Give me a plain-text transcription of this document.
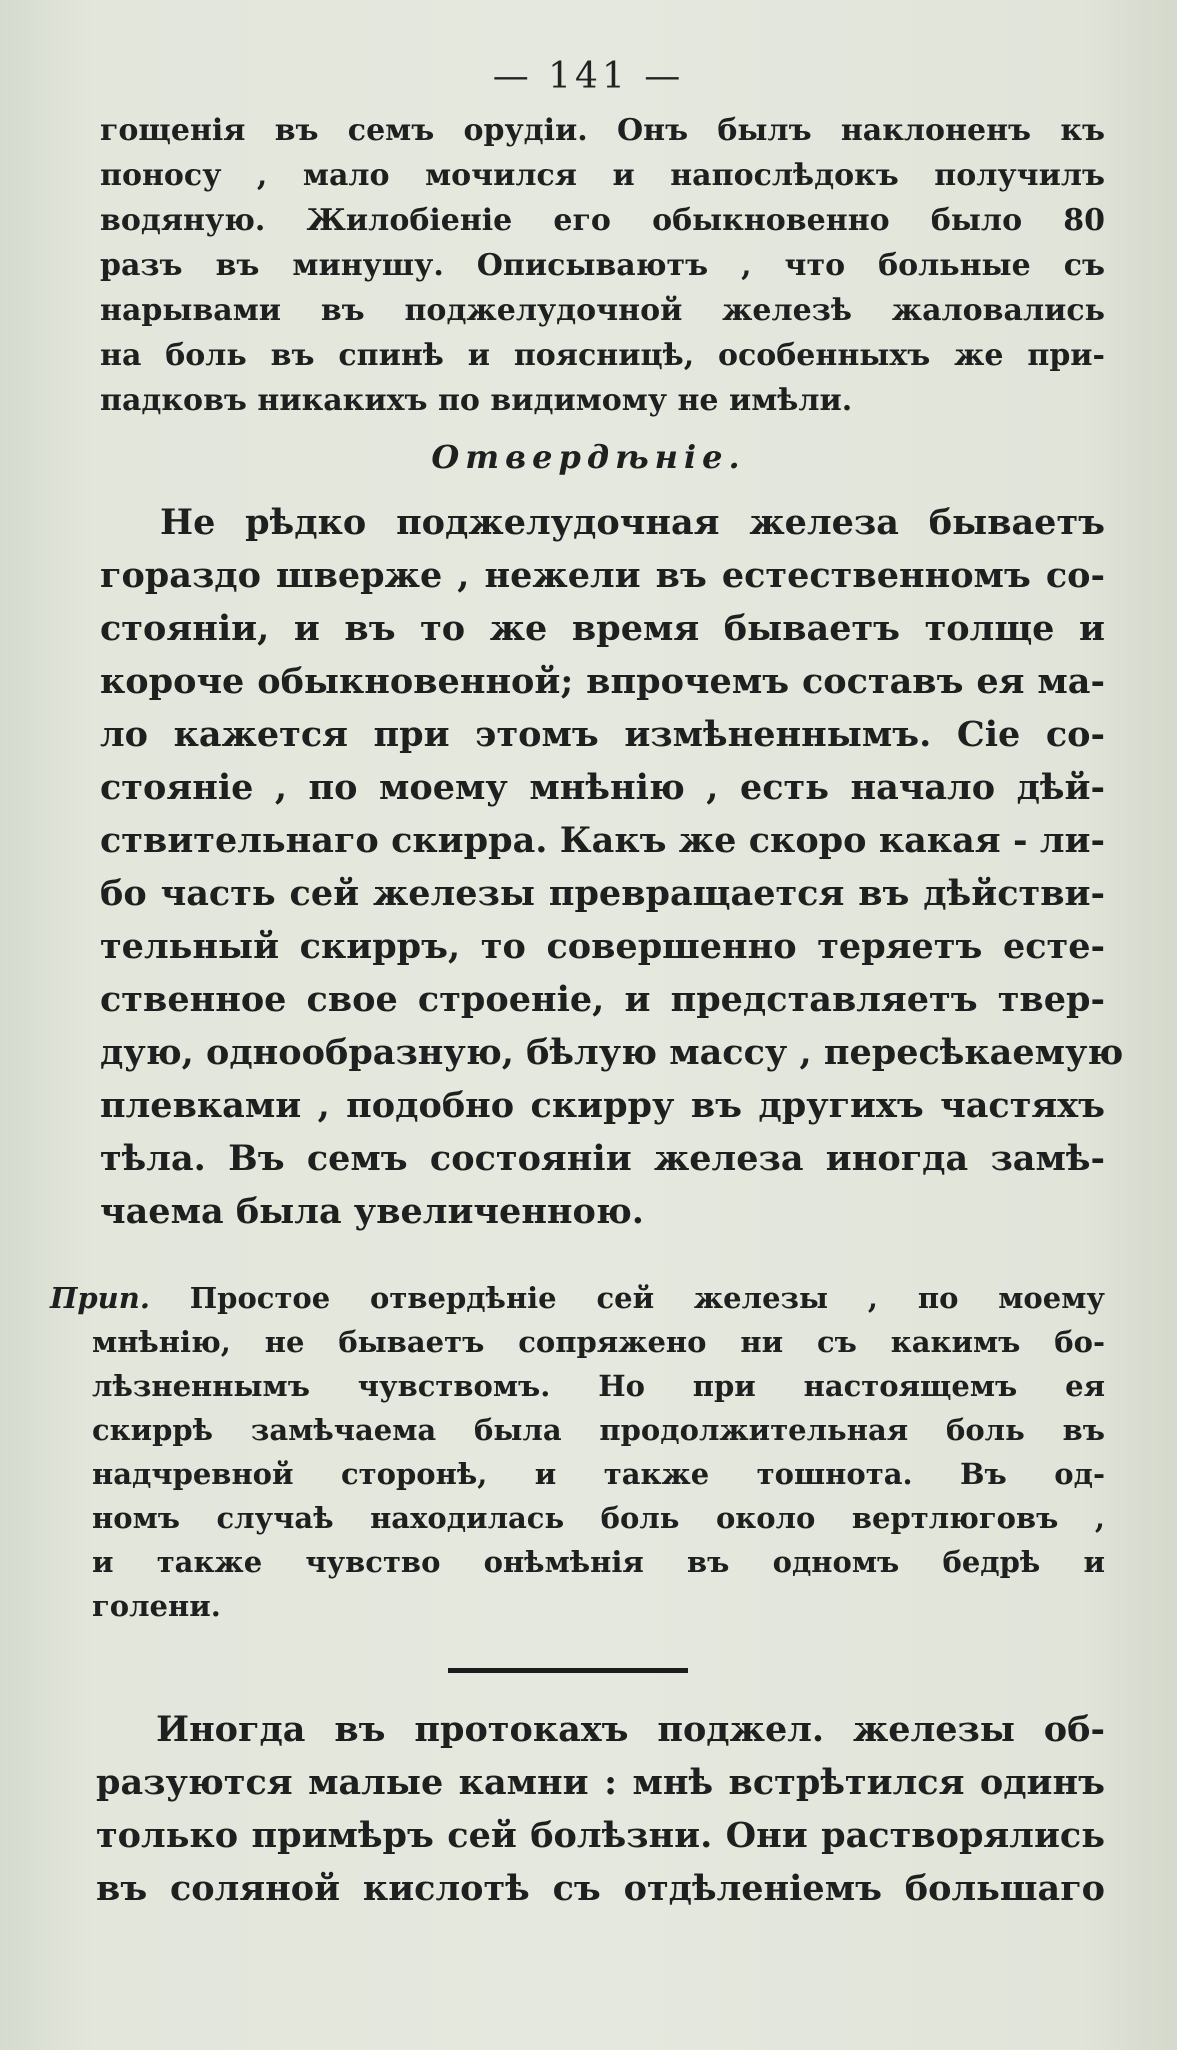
— 141 —
гощенія въ семъ орудіи. Онъ былъ наклоненъ къ
поносу , мало мочился и напослѣдокъ получилъ
водяную. Жилобіеніе его обыкновенно было 80
разъ въ минушу. Описываютъ , что больные съ
нарывами въ поджелудочной железѣ жаловались
на боль въ спинѣ и поясницѣ, особенныхъ же при-
падковъ никакихъ по видимому не имѣли.
Отвердѣніе.
Не рѣдко поджелудочная железа бываетъ
гораздо шверже , нежели въ естественномъ со-
стояніи, и въ то же время бываетъ толще и
короче обыкновенной; впрочемъ составъ ея ма-
ло кажется при этомъ измѣненнымъ. Сіе со-
стояніе , по моему мнѣнію , есть начало дѣй-
ствительнаго скирра. Какъ же скоро какая - ли-
бо часть сей железы превращается въ дѣйстви-
тельный скирръ, то совершенно теряетъ есте-
ственное свое строеніе, и представляетъ твер-
дую, однообразную, бѣлую массу , пересѣкаемую
плевками , подобно скирру въ другихъ частяхъ
тѣла. Въ семъ состояніи железа иногда замѣ-
чаема была увеличенною.
Прип. Простое отвердѣніе сей железы , по моему
мнѣнію, не бываетъ сопряжено ни съ какимъ бо-
лѣзненнымъ чувствомъ. Но при настоящемъ ея
скиррѣ замѣчаема была продолжительная боль въ
надчревной сторонѣ, и также тошнота. Въ од-
номъ случаѣ находилась боль около вертлюговъ ,
и также чувство онѣмѣнія въ одномъ бедрѣ и
голени.
Иногда въ протокахъ поджел. железы об-
разуются малые камни : мнѣ встрѣтился одинъ
только примѣръ сей болѣзни. Они растворялись
въ соляной кислотѣ съ отдѣленіемъ большаго
